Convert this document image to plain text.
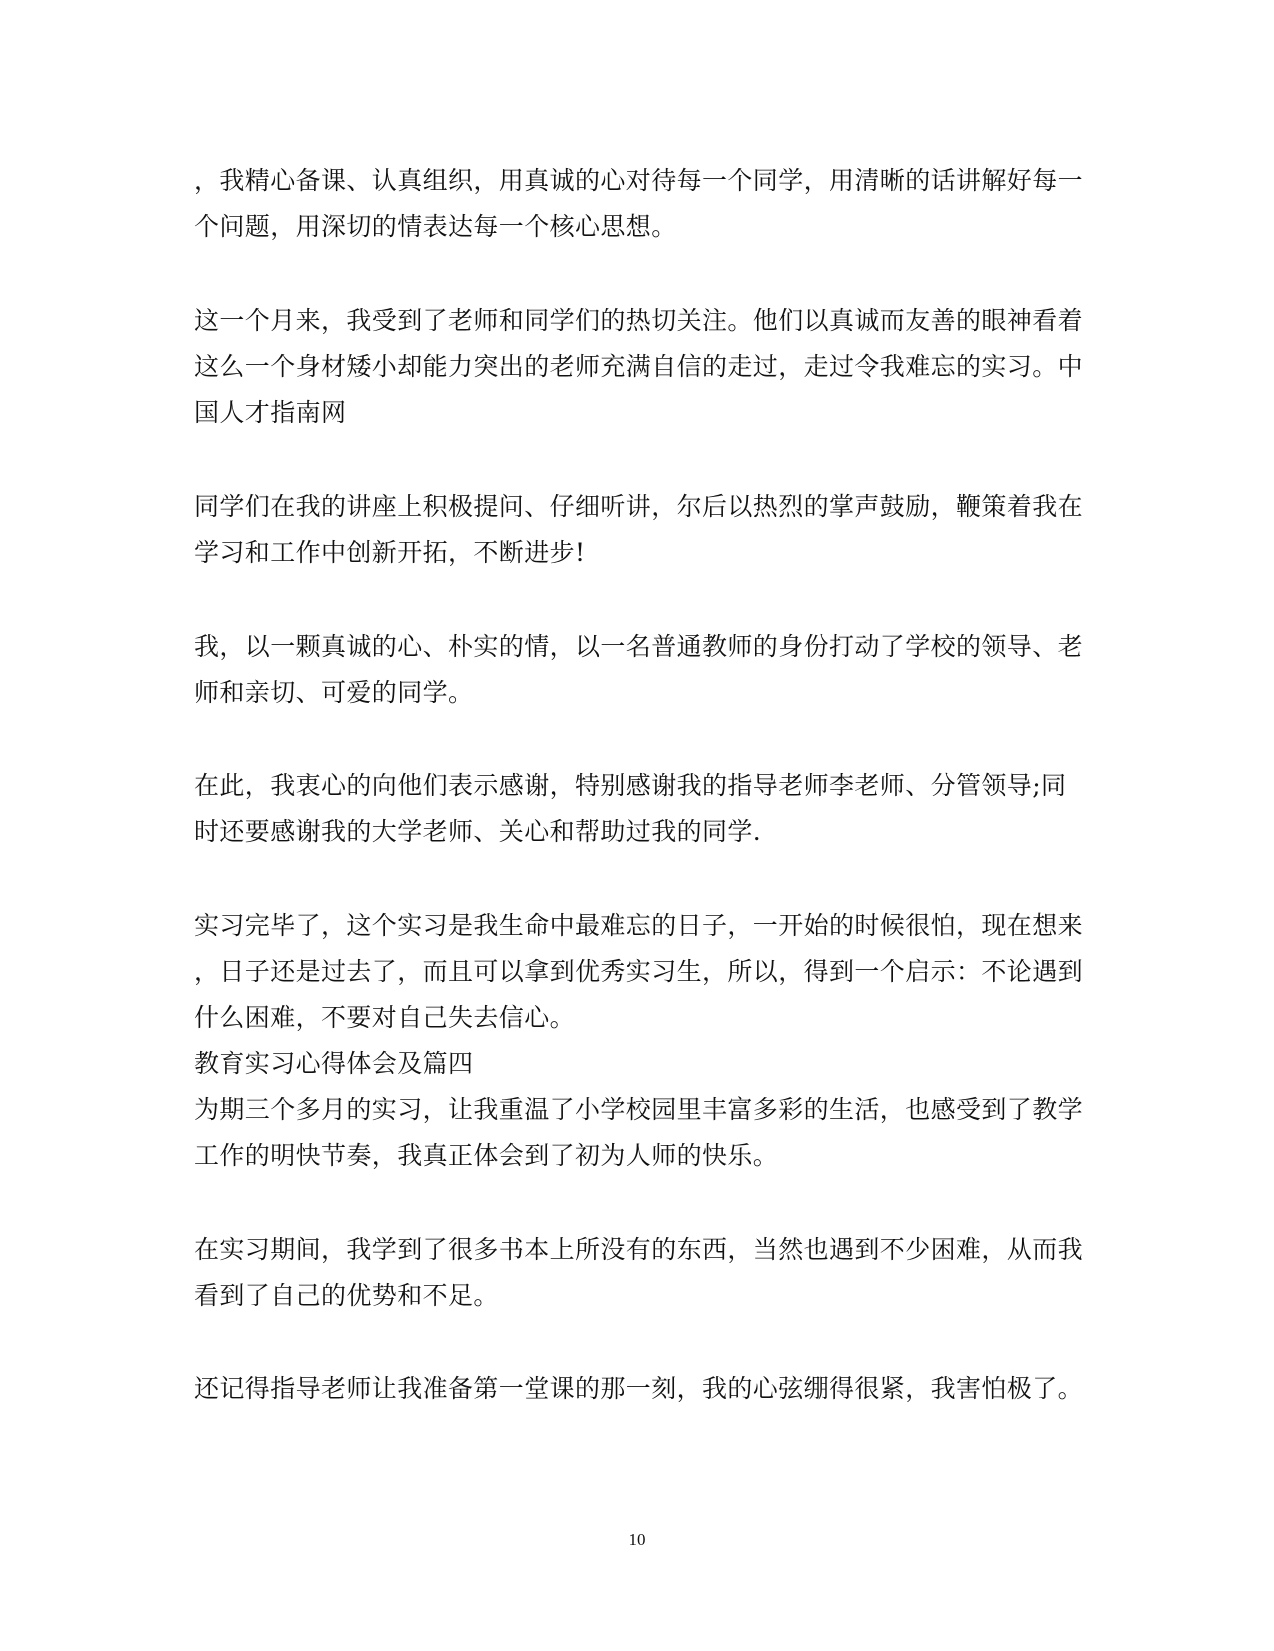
，我精心备课、认真组织，用真诚的心对待每一个同学，用清晰的话讲解好每一
个问题，用深切的情表达每一个核心思想。
这一个月来，我受到了老师和同学们的热切关注。他们以真诚而友善的眼神看着
这么一个身材矮小却能力突出的老师充满自信的走过，走过令我难忘的实习。中
国人才指南网
同学们在我的讲座上积极提问、仔细听讲，尔后以热烈的掌声鼓励，鞭策着我在
学习和工作中创新开拓，不断进步!
我，以一颗真诚的心、朴实的情，以一名普通教师的身份打动了学校的领导、老
师和亲切、可爱的同学。
在此，我衷心的向他们表示感谢，特别感谢我的指导老师李老师、分管领导;同
时还要感谢我的大学老师、关心和帮助过我的同学.
实习完毕了，这个实习是我生命中最难忘的日子，一开始的时候很怕，现在想来
，日子还是过去了，而且可以拿到优秀实习生，所以，得到一个启示：不论遇到
什么困难，不要对自己失去信心。
教育实习心得体会及篇四
为期三个多月的实习，让我重温了小学校园里丰富多彩的生活，也感受到了教学
工作的明快节奏，我真正体会到了初为人师的快乐。
在实习期间，我学到了很多书本上所没有的东西，当然也遇到不少困难，从而我
看到了自己的优势和不足。
还记得指导老师让我准备第一堂课的那一刻，我的心弦绷得很紧，我害怕极了。
10
